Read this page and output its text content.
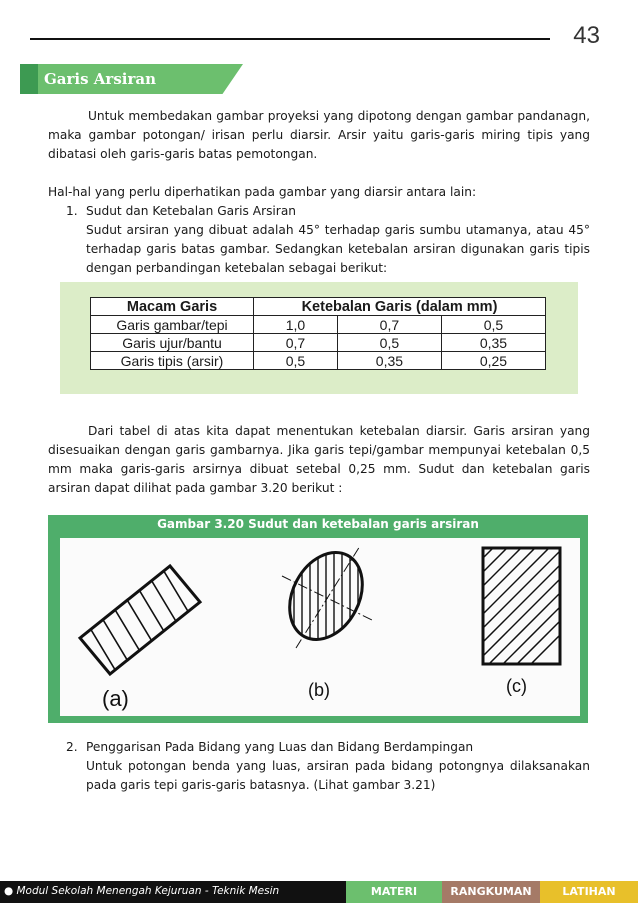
43
Garis Arsiran
Untuk membedakan gambar proyeksi yang dipotong dengan gambar pandanagn, maka gambar potongan/ irisan perlu diarsir. Arsir yaitu garis-garis miring tipis yang dibatasi oleh garis-garis batas pemotongan.
Hal-hal yang perlu diperhatikan pada gambar yang diarsir antara lain:
1. Sudut dan Ketebalan Garis Arsiran
Sudut arsiran yang dibuat adalah 45° terhadap garis sumbu utamanya, atau 45° terhadap garis batas gambar. Sedangkan ketebalan arsiran digunakan garis tipis dengan perbandingan ketebalan sebagai berikut:
Macam Garis	Ketebalan Garis (dalam mm)		
Garis gambar/tepi	1,0	0,7	0,5
Garis ujur/bantu	0,7	0,5	0,35
Garis tipis (arsir)	0,5	0,35	0,25
Dari tabel di atas kita dapat menentukan ketebalan diarsir. Garis arsiran yang disesuaikan dengan garis gambarnya. Jika garis tepi/gambar mempunyai ketebalan 0,5 mm maka garis-garis arsirnya dibuat setebal 0,25 mm. Sudut dan ketebalan garis arsiran dapat dilihat pada gambar 3.20 berikut :
Gambar 3.20 Sudut dan ketebalan garis arsiran
(a)	(b)	(c)
2. Penggarisan Pada Bidang yang Luas dan Bidang Berdampingan
Untuk potongan benda yang luas, arsiran pada bidang potongnya dilaksanakan pada garis tepi garis-garis batasnya. (Lihat gambar 3.21)
● Modul Sekolah Menengah Kejuruan - Teknik Mesin	MATERI	RANGKUMAN	LATIHAN
